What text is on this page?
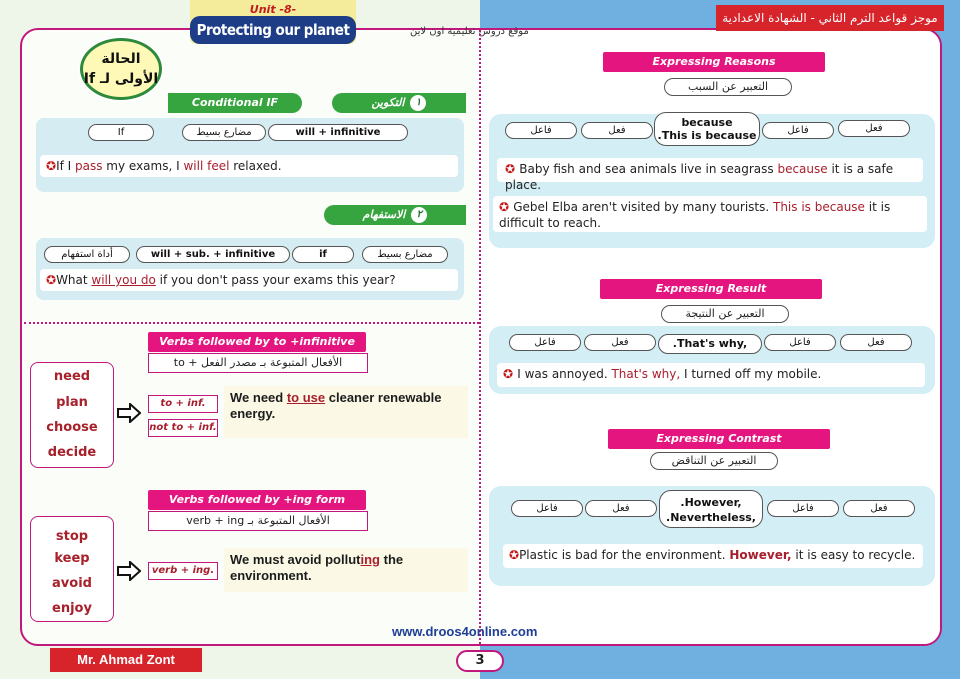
Unit -8-
Protecting our planet	موقع دروس تعليمية اون لاين
موجز قواعد الترم الثاني - الشهادة الاعدادية
الحالة الأولى لـ If
Conditional IF	التكوين ١
If	مضارع بسيط	will + infinitive
✪If I pass my exams, I will feel relaxed.
الاستفهام ٢
أداة استفهام	will + sub. + infinitive	if	مضارع بسيط
✪What will you do if you don't pass your exams this year?
Verbs followed by to +infinitive
الأفعال المتبوعة بـ مصدر الفعل + to
need
plan
choose
decide
to + inf.
not to + inf.
We need to use cleaner renewable energy.
Verbs followed by +ing form
الأفعال المتبوعة بـ verb + ing
stop
keep
avoid
enjoy
verb + ing.
We must avoid polluting the environment.
Expressing Reasons
التعبير عن السبب
فاعل	فعل
because
.This is because	فاعل	فعل
✪ Baby fish and sea animals live in seagrass because it is a safe place.
✪ Gebel Elba aren't visited by many tourists. This is because it is difficult to reach.
Expressing Result
التعبير عن النتيجة
فاعل	فعل	.That's why,	فاعل	فعل
✪ I was annoyed. That's why, I turned off my mobile.
Expressing Contrast
التعبير عن التناقض
فاعل	فعل	.However,
.Nevertheless,
فاعل	فعل
✪Plastic is bad for the environment. However, it is easy to recycle.
www.droos4online.com
Mr. Ahmad Zont	3
